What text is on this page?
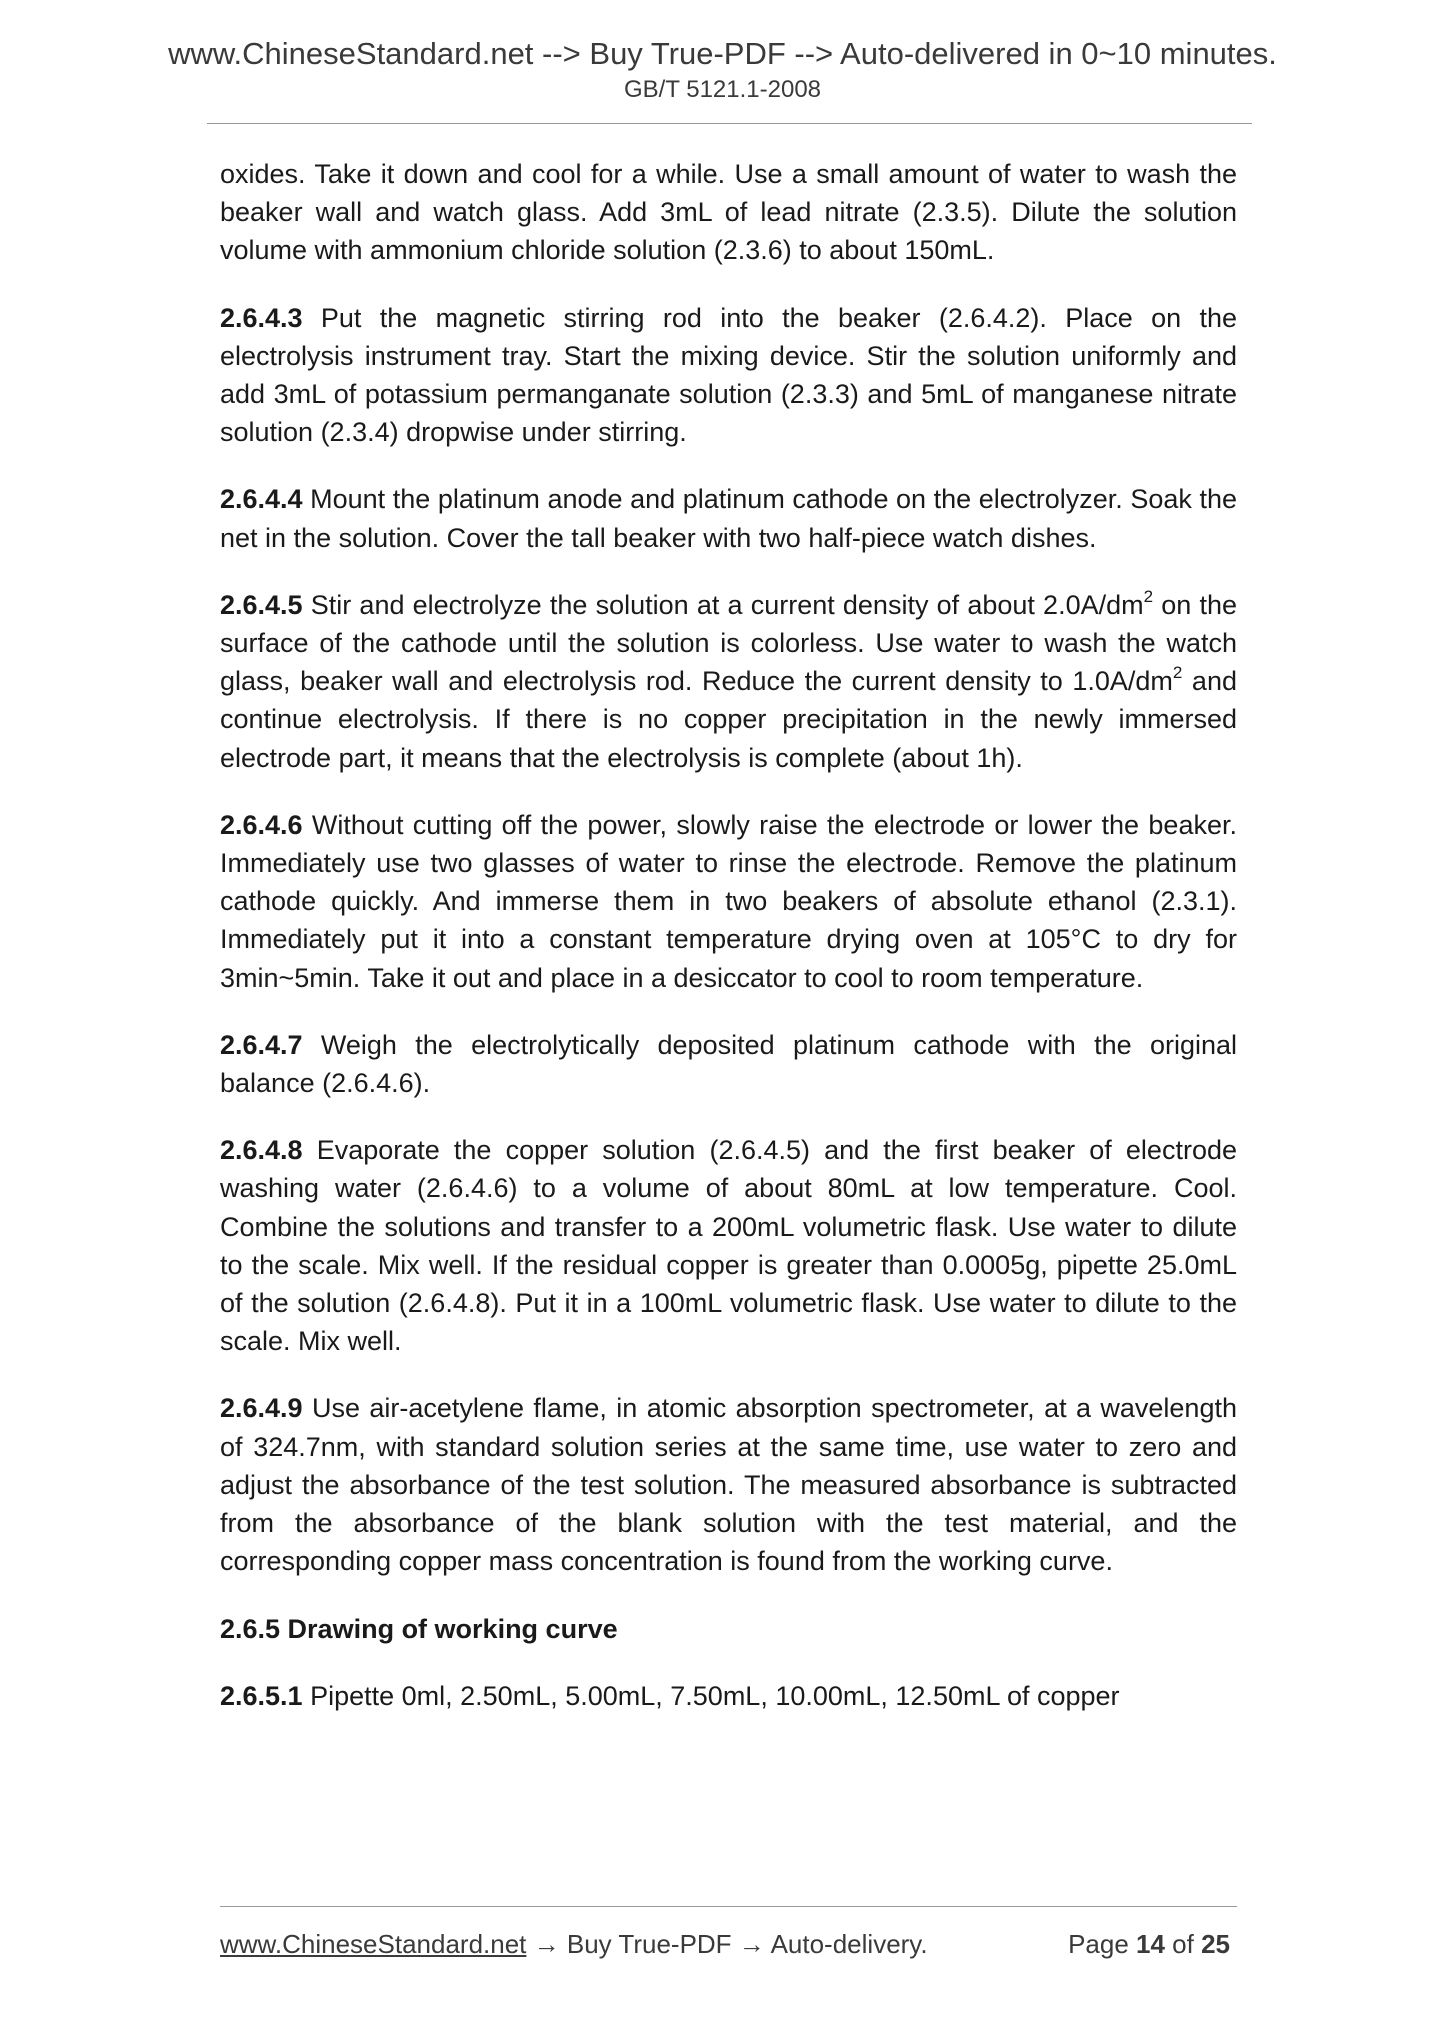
www.ChineseStandard.net --> Buy True-PDF --> Auto-delivered in 0~10 minutes.
GB/T 5121.1-2008

oxides. Take it down and cool for a while. Use a small amount of water to wash the beaker wall and watch glass. Add 3mL of lead nitrate (2.3.5). Dilute the solution volume with ammonium chloride solution (2.3.6) to about 150mL.

2.6.4.3 Put the magnetic stirring rod into the beaker (2.6.4.2). Place on the electrolysis instrument tray. Start the mixing device. Stir the solution uniformly and add 3mL of potassium permanganate solution (2.3.3) and 5mL of manganese nitrate solution (2.3.4) dropwise under stirring.

2.6.4.4 Mount the platinum anode and platinum cathode on the electrolyzer. Soak the net in the solution. Cover the tall beaker with two half-piece watch dishes.

2.6.4.5 Stir and electrolyze the solution at a current density of about $2.0A/dm^2$ on the surface of the cathode until the solution is colorless. Use water to wash the watch glass, beaker wall and electrolysis rod. Reduce the current density to $1.0A/dm^2$ and continue electrolysis. If there is no copper precipitation in the newly immersed electrode part, it means that the electrolysis is complete (about 1h).

2.6.4.6 Without cutting off the power, slowly raise the electrode or lower the beaker. Immediately use two glasses of water to rinse the electrode. Remove the platinum cathode quickly. And immerse them in two beakers of absolute ethanol (2.3.1). Immediately put it into a constant temperature drying oven at 105°C to dry for 3min~5min. Take it out and place in a desiccator to cool to room temperature.

2.6.4.7 Weigh the electrolytically deposited platinum cathode with the original balance (2.6.4.6).

2.6.4.8 Evaporate the copper solution (2.6.4.5) and the first beaker of electrode washing water (2.6.4.6) to a volume of about 80mL at low temperature. Cool. Combine the solutions and transfer to a 200mL volumetric flask. Use water to dilute to the scale. Mix well. If the residual copper is greater than 0.0005g, pipette 25.0mL of the solution (2.6.4.8). Put it in a 100mL volumetric flask. Use water to dilute to the scale. Mix well.

2.6.4.9 Use air-acetylene flame, in atomic absorption spectrometer, at a wavelength of 324.7nm, with standard solution series at the same time, use water to zero and adjust the absorbance of the test solution. The measured absorbance is subtracted from the absorbance of the blank solution with the test material, and the corresponding copper mass concentration is found from the working curve.

2.6.5 Drawing of working curve

2.6.5.1 Pipette 0ml, 2.50mL, 5.00mL, 7.50mL, 10.00mL, 12.50mL of copper

www.ChineseStandard.net → Buy True-PDF → Auto-delivery.	Page 14 of 25
